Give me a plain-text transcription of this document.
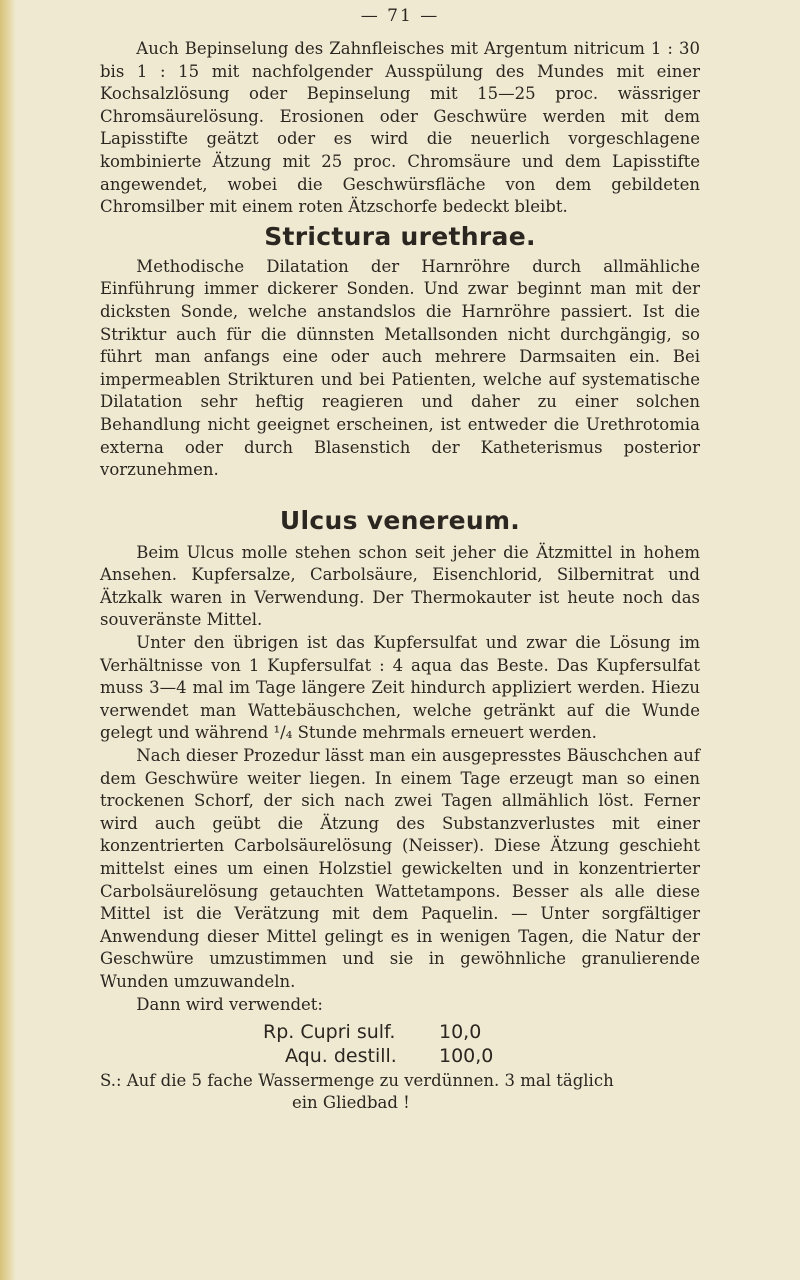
— 71 —

Auch Bepinselung des Zahnfleisches mit Argentum nitricum 1 : 30 bis 1 : 15 mit nachfolgender Ausspülung des Mundes mit einer Kochsalzlösung oder Bepinselung mit 15—25 proc. wässriger Chromsäurelösung. Erosionen oder Geschwüre werden mit dem Lapisstifte geätzt oder es wird die neuerlich vorgeschlagene kombinierte Ätzung mit 25 proc. Chromsäure und dem Lapisstifte angewendet, wobei die Geschwürsfläche von dem gebildeten Chromsilber mit einem roten Ätzschorfe bedeckt bleibt.

Strictura urethrae.

Methodische Dilatation der Harnröhre durch allmähliche Einführung immer dickerer Sonden. Und zwar beginnt man mit der dicksten Sonde, welche anstandslos die Harnröhre passiert. Ist die Striktur auch für die dünnsten Metallsonden nicht durchgängig, so führt man anfangs eine oder auch mehrere Darmsaiten ein. Bei impermeablen Strikturen und bei Patienten, welche auf systematische Dilatation sehr heftig reagieren und daher zu einer solchen Behandlung nicht geeignet erscheinen, ist entweder die Urethrotomia externa oder durch Blasenstich der Katheterismus posterior vorzunehmen.

Ulcus venereum.

Beim Ulcus molle stehen schon seit jeher die Ätzmittel in hohem Ansehen. Kupfersalze, Carbolsäure, Eisenchlorid, Silbernitrat und Ätzkalk waren in Verwendung. Der Thermokauter ist heute noch das souveränste Mittel.

Unter den übrigen ist das Kupfersulfat und zwar die Lösung im Verhältnisse von 1 Kupfersulfat : 4 aqua das Beste. Das Kupfersulfat muss 3—4 mal im Tage längere Zeit hindurch appliziert werden. Hiezu verwendet man Wattebäuschchen, welche getränkt auf die Wunde gelegt und während ¹/₄ Stunde mehrmals erneuert werden.

Nach dieser Prozedur lässt man ein ausgepresstes Bäuschchen auf dem Geschwüre weiter liegen. In einem Tage erzeugt man so einen trockenen Schorf, der sich nach zwei Tagen allmählich löst. Ferner wird auch geübt die Ätzung des Substanzverlustes mit einer konzentrierten Carbolsäurelösung (Neisser). Diese Ätzung geschieht mittelst eines um einen Holzstiel gewickelten und in konzentrierter Carbolsäurelösung getauchten Wattetampons. Besser als alle diese Mittel ist die Verätzung mit dem Paquelin. — Unter sorgfältiger Anwendung dieser Mittel gelingt es in wenigen Tagen, die Natur der Geschwüre umzustimmen und sie in gewöhnliche granulierende Wunden umzuwandeln.

Dann wird verwendet:

Rp. Cupri sulf.	10,0
Aqu. destill.	100,0
S.: Auf die 5 fache Wassermenge zu verdünnen. 3 mal täglich
ein Gliedbad !
